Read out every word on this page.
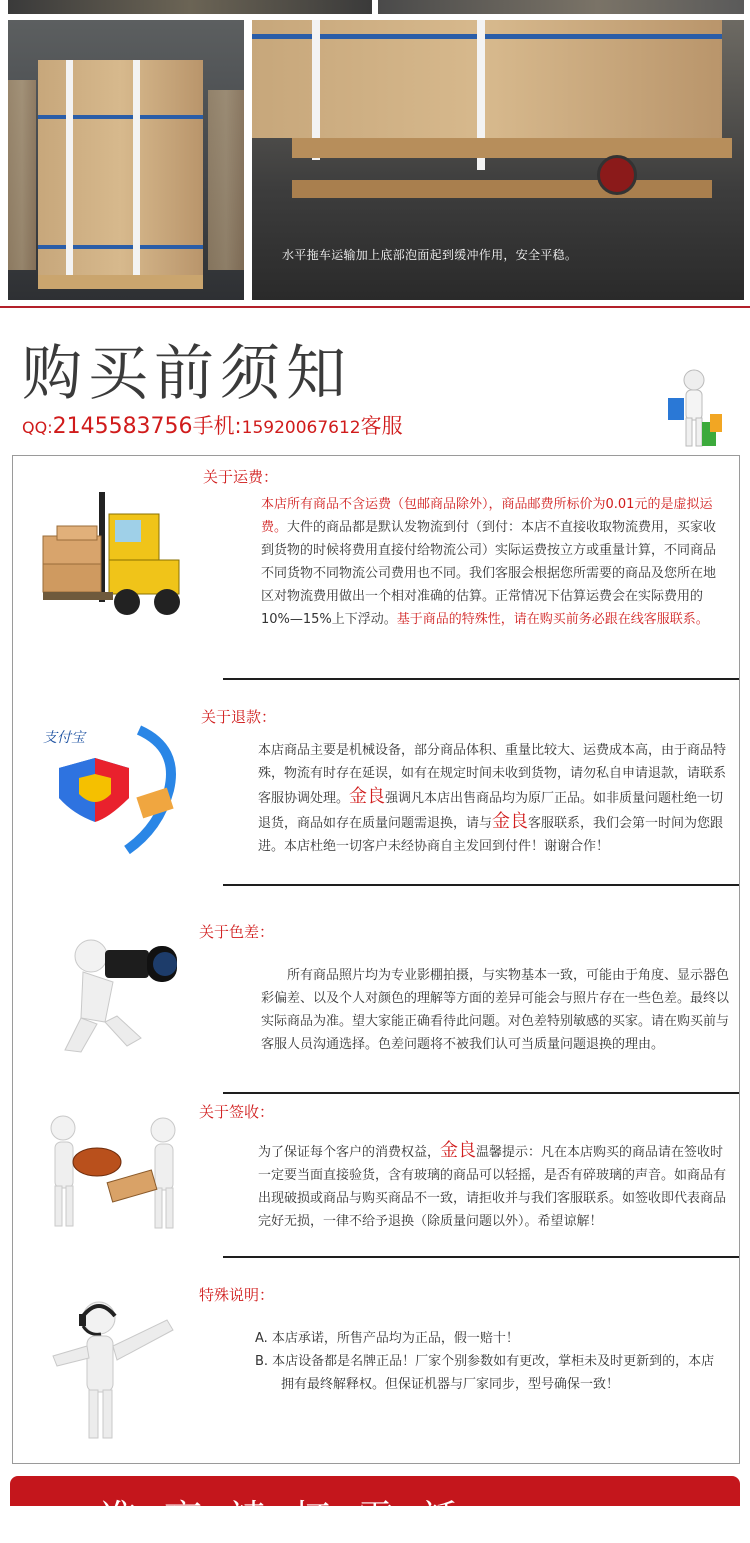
水平拖车运输加上底部泡面起到缓冲作用，安全平稳。
购买前须知
QQ:2145583756手机:15920067612客服
关于运费：
本店所有商品不含运费（包邮商品除外），商品邮费所标价为0.01元的是虚拟运费。大件的商品都是默认发物流到付（到付：本店不直接收取物流费用，买家收到货物的时候将费用直接付给物流公司）实际运费按立方或重量计算，不同商品不同货物不同物流公司费用也不同。我们客服会根据您所需要的商品及您所在地区对物流费用做出一个相对准确的估算。正常情况下估算运费会在实际费用的10%—15%上下浮动。基于商品的特殊性，请在购买前务必跟在线客服联系。
支付宝
关于退款：
本店商品主要是机械设备，部分商品体积、重量比较大、运费成本高，由于商品特殊，物流有时存在延误，如有在规定时间未收到货物，请勿私自申请退款，请联系客服协调处理。金良强调凡本店出售商品均为原厂正品。如非质量问题杜绝一切退货，商品如存在质量问题需退换，请与金良客服联系，我们会第一时间为您跟进。本店杜绝一切客户未经协商自主发回到付件！谢谢合作！
关于色差：
所有商品照片均为专业影棚拍摄，与实物基本一致，可能由于角度、显示器色彩偏差、以及个人对颜色的理解等方面的差异可能会与照片存在一些色差。最终以实际商品为准。望大家能正确看待此问题。对色差特别敏感的买家。请在购买前与客服人员沟通选择。色差问题将不被我们认可当质量问题退换的理由。
关于签收：
为了保证每个客户的消费权益，金良温馨提示：凡在本店购买的商品请在签收时一定要当面直接验货，含有玻璃的商品可以轻摇，是否有碎玻璃的声音。如商品有出现破损或商品与购买商品不一致，请拒收并与我们客服联系。如签收即代表商品完好无损，一律不给予退换（除质量问题以外）。希望谅解！
特殊说明：
A. 本店承诺，所售产品均为正品，假一赔十！
B. 本店设备都是名牌正品！厂家个别参数如有更改，掌柜未及时更新到的，本店拥有最终解释权。但保证机器与厂家同步，型号确保一致！
進商請打電話
